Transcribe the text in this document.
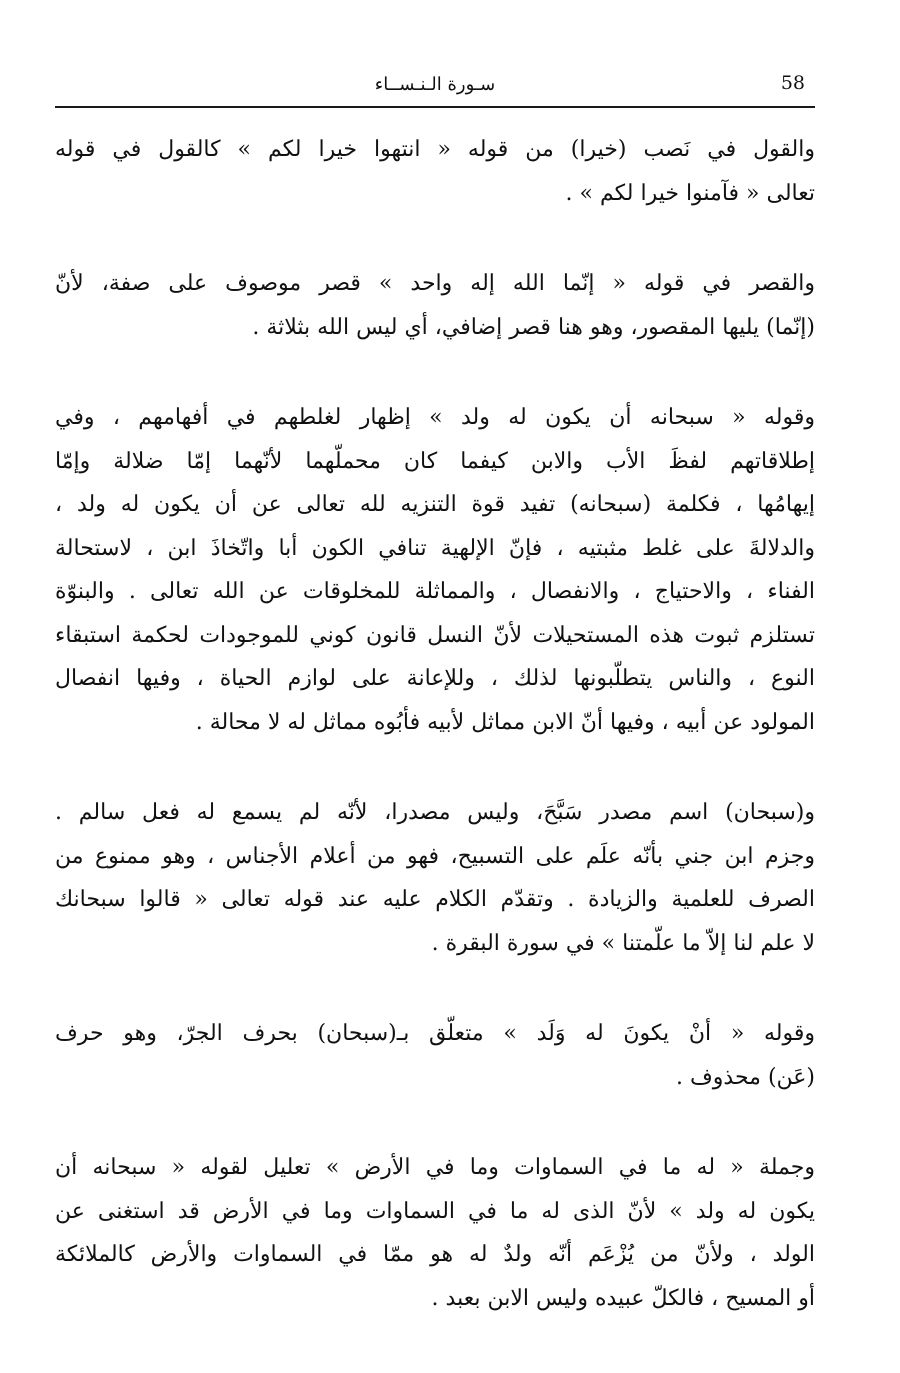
58
سـورة الـنـســاء
والقول في نَصب (خيرا) من قوله « انتهوا خيرا لكم » كالقول في قوله
تعالى « فآمنوا خيرا لكم » .
والقصر في قوله « إنّما الله إله واحد » قصر موصوف على صفة، لأنّ
(إنّما) يليها المقصور، وهو هنا قصر إضافي، أي ليس الله بثلاثة .
وقوله « سبحانه أن يكون له ولد » إظهار لغلطهم في أفهامهم ، وفي
إطلاقاتهم لفظَ الأب والابن كيفما كان محملّهما لأنّهما إمّا ضلالة وإمّا
إيهامُها ، فكلمة (سبحانه) تفيد قوة التنزيه لله تعالى عن أن يكون له ولد ،
والدلالةَ على غلط مثبتيه ، فإنّ الإلهية تنافي الكون أبا واتّخاذَ ابن ، لاستحالة
الفناء ، والاحتياج ، والانفصال ، والمماثلة للمخلوقات عن الله تعالى . والبنوّة
تستلزم ثبوت هذه المستحيلات لأنّ النسل قانون كوني للموجودات لحكمة استبقاء
النوع ، والناس يتطلّبونها لذلك ، وللإعانة على لوازم الحياة ، وفيها انفصال
المولود عن أبيه ، وفيها أنّ الابن مماثل لأبيه فأبُوه مماثل له لا محالة .
و(سبحان) اسم مصدر سَبَّحَ، وليس مصدرا، لأنّه لم يسمع له فعل سالم .
وجزم ابن جني بأنّه علَم على التسبيح، فهو من أعلام الأجناس ، وهو ممنوع من
الصرف للعلمية والزيادة . وتقدّم الكلام عليه عند قوله تعالى « قالوا سبحانك
لا علم لنا إلاّ ما علّمتنا » في سورة البقرة .
وقوله « أنْ يكونَ له وَلَد » متعلّق بـ(سبحان) بحرف الجرّ، وهو حرف
(عَن) محذوف .
وجملة « له ما في السماوات وما في الأرض » تعليل لقوله « سبحانه أن
يكون له ولد » لأنّ الذى له ما في السماوات وما في الأرض قد استغنى عن
الولد ، ولأنّ من يُزْعَم أنّه ولدٌ له هو ممّا في السماوات والأرض كالملائكة
أو المسيح ، فالكلّ عبيده وليس الابن بعبد .
